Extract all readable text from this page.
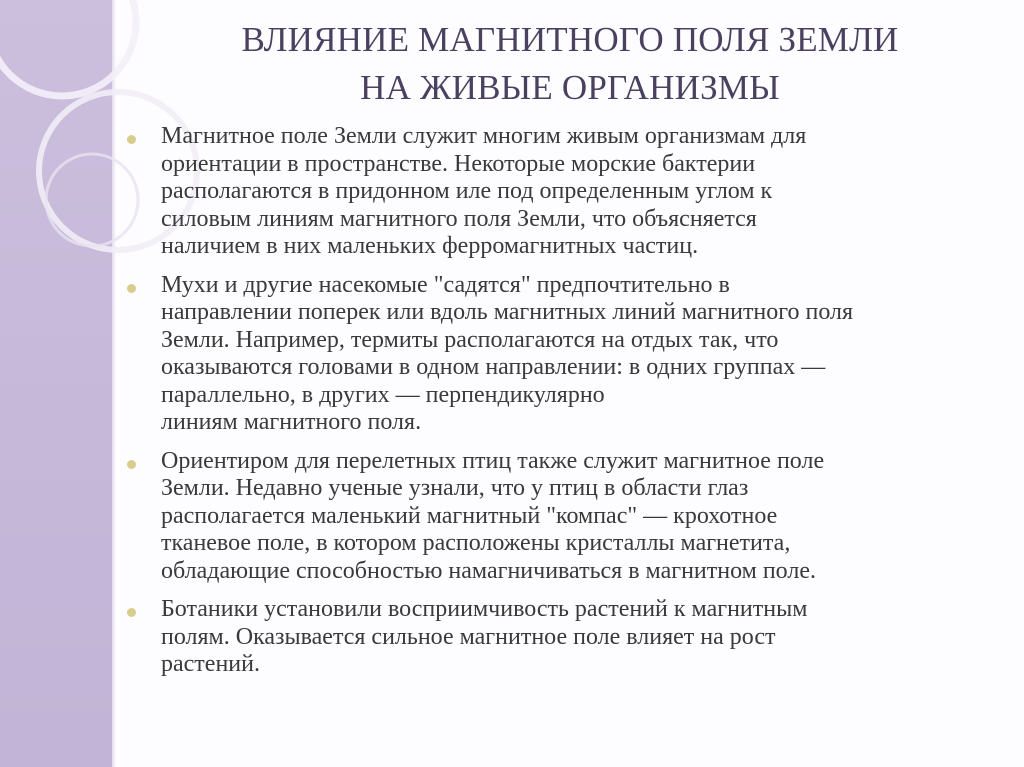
ВЛИЯНИЕ МАГНИТНОГО ПОЛЯ ЗЕМЛИ
НА ЖИВЫЕ ОРГАНИЗМЫ
Магнитное поле Земли служит многим живым организмам для
ориентации в пространстве. Некоторые морские бактерии
располагаются в придонном иле под определенным углом к
силовым линиям магнитного поля Земли, что объясняется
наличием в них маленьких ферромагнитных частиц.
Мухи и другие насекомые "садятся" предпочтительно в
направлении поперек или вдоль магнитных линий магнитного поля
Земли. Например, термиты располагаются на отдых так, что
оказываются головами в одном направлении: в одних группах —
параллельно, в других — перпендикулярно
линиям магнитного поля.
Ориентиром для перелетных птиц также служит магнитное поле
Земли. Недавно ученые узнали, что у птиц в области глаз
располагается маленький магнитный "компас" — крохотное
тканевое поле, в котором расположены кристаллы магнетита,
обладающие способностью намагничиваться в магнитном поле.
Ботаники установили восприимчивость растений к магнитным
полям. Оказывается сильное магнитное поле влияет на рост
растений.
